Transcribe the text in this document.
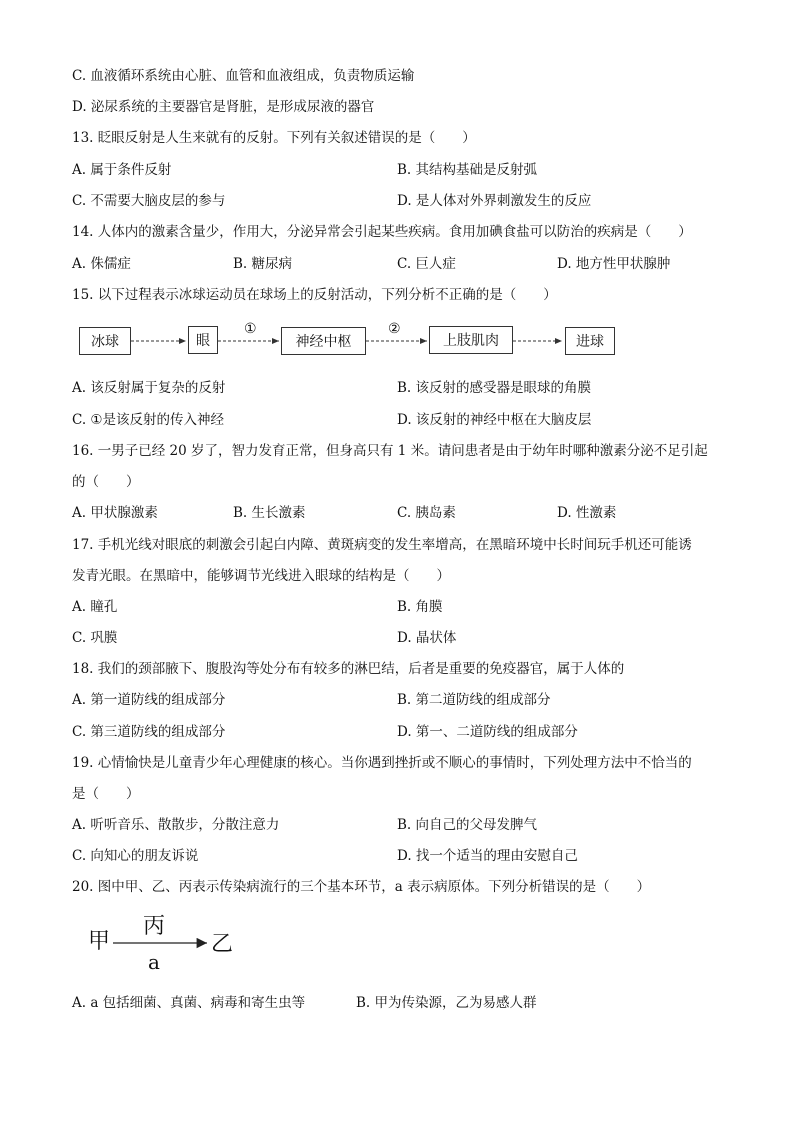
C. 血液循环系统由心脏、血管和血液组成，负责物质运输
D. 泌尿系统的主要器官是肾脏，是形成尿液的器官
13. 眨眼反射是人生来就有的反射。下列有关叙述错误的是（　　）
A. 属于条件反射	B. 其结构基础是反射弧
C. 不需要大脑皮层的参与	D. 是人体对外界刺激发生的反应
14. 人体内的激素含量少，作用大，分泌异常会引起某些疾病。食用加碘食盐可以防治的疾病是（　　）
A. 侏儒症	B. 糖尿病	C. 巨人症	D. 地方性甲状腺肿
15. 以下过程表示冰球运动员在球场上的反射活动，下列分析不正确的是（　　）
冰球	眼
①
神经中枢
②
上肢肌肉	进球
A. 该反射属于复杂的反射	B. 该反射的感受器是眼球的角膜
C. ①是该反射的传入神经	D. 该反射的神经中枢在大脑皮层
16. 一男子已经 20 岁了，智力发育正常，但身高只有 1 米。请问患者是由于幼年时哪种激素分泌不足引起
的（　　）
A. 甲状腺激素	B. 生长激素	C. 胰岛素	D. 性激素
17. 手机光线对眼底的刺激会引起白内障、黄斑病变的发生率增高，在黑暗环境中长时间玩手机还可能诱
发青光眼。在黑暗中，能够调节光线进入眼球的结构是（　　）
A. 瞳孔	B. 角膜
C. 巩膜	D. 晶状体
18. 我们的颈部腋下、腹股沟等处分布有较多的淋巴结，后者是重要的免疫器官，属于人体的
A. 第一道防线的组成部分	B. 第二道防线的组成部分
C. 第三道防线的组成部分	D. 第一、二道防线的组成部分
19. 心情愉快是儿童青少年心理健康的核心。当你遇到挫折或不顺心的事情时，下列处理方法中不恰当的
是（　　）
A. 听听音乐、散散步，分散注意力	B. 向自己的父母发脾气
C. 向知心的朋友诉说	D. 找一个适当的理由安慰自己
20. 图中甲、乙、丙表示传染病流行的三个基本环节，a 表示病原体。下列分析错误的是（　　）
甲
丙
a
乙
A. a 包括细菌、真菌、病毒和寄生虫等	B. 甲为传染源，乙为易感人群
